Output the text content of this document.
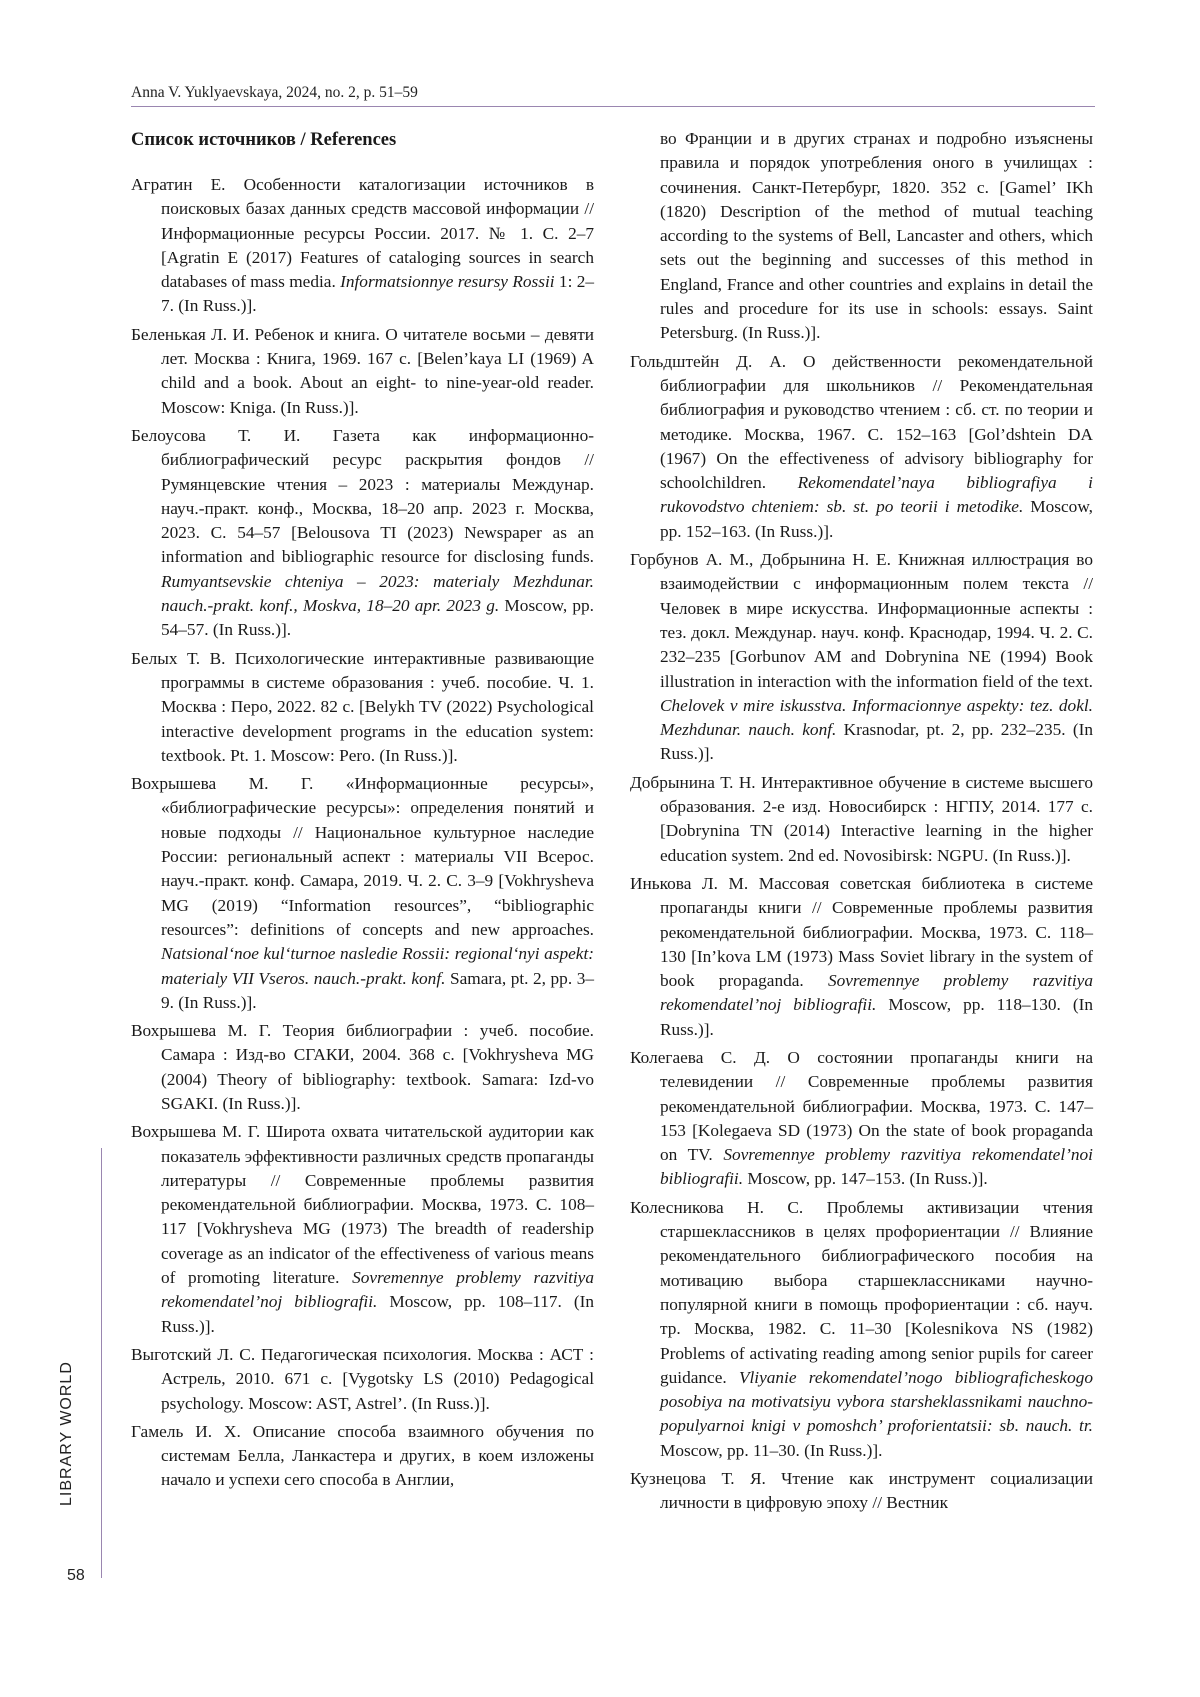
Anna V. Yuklyaevskaya, 2024, no. 2, p. 51–59
Список источников / References

Агратин Е. Особенности каталогизации источников в поисковых базах данных средств массовой информации // Информационные ресурсы России. 2017. № 1. С. 2–7 [Agratin E (2017) Features of cataloging sources in search databases of mass media. Informatsionnye resursy Rossii 1: 2–7. (In Russ.)].

Беленькая Л. И. Ребенок и книга. О читателе восьми – девяти лет. Москва : Книга, 1969. 167 с. [Belen’kaya LI (1969) A child and a book. About an eight- to nine-year-old reader. Moscow: Kniga. (In Russ.)].

Белоусова Т. И. Газета как информационно-библиографический ресурс раскрытия фондов // Румянцевские чтения – 2023 : материалы Междунар. науч.-практ. конф., Москва, 18–20 апр. 2023 г. Москва, 2023. С. 54–57 [Belousova TI (2023) Newspaper as an information and bibliographic resource for disclosing funds. Rumyantsevskie chteniya – 2023: materialy Mezhdunar. nauch.-prakt. konf., Moskva, 18–20 apr. 2023 g. Moscow, pp. 54–57. (In Russ.)].

Белых Т. В. Психологические интерактивные развивающие программы в системе образования : учеб. пособие. Ч. 1. Москва : Перо, 2022. 82 с. [Belykh TV (2022) Psychological interactive development programs in the education system: textbook. Pt. 1. Moscow: Pero. (In Russ.)].

Вохрышева М. Г. «Информационные ресурсы», «библиографические ресурсы»: определения понятий и новые подходы // Национальное культурное наследие России: региональный аспект : материалы VII Всерос. науч.-практ. конф. Самара, 2019. Ч. 2. С. 3–9 [Vokhrysheva MG (2019) “Information resources”, “bibliographic resources”: definitions of concepts and new approaches. Natsional‘noe kul‘turnoe nasledie Rossii: regional‘nyi aspekt: materialy VII Vseros. nauch.-prakt. konf. Samara, pt. 2, pp. 3–9. (In Russ.)].

Вохрышева М. Г. Теория библиографии : учеб. пособие. Самара : Изд-во СГАКИ, 2004. 368 с. [Vokhrysheva MG (2004) Theory of bibliography: textbook. Samara: Izd-vo SGAKI. (In Russ.)].

Вохрышева М. Г. Широта охвата читательской аудитории как показатель эффективности различных средств пропаганды литературы // Современные проблемы развития рекомендательной библиографии. Москва, 1973. С. 108–117 [Vokhrysheva MG (1973) The breadth of readership coverage as an indicator of the effectiveness of various means of promoting literature. Sovremennye problemy razvitiya rekomendatel’noj bibliografii. Moscow, pp. 108–117. (In Russ.)].

Выготский Л. С. Педагогическая психология. Москва : АСТ : Астрель, 2010. 671 с. [Vygotsky LS (2010) Pedagogical psychology. Moscow: AST, Astrel’. (In Russ.)].

Гамель И. Х. Описание способа взаимного обучения по системам Белла, Ланкастера и других, в коем изложены начало и успехи сего способа в Англии,

во Франции и в других странах и подробно изъяснены правила и порядок употребления оного в училищах : сочинения. Санкт-Петербург, 1820. 352 с. [Gamel’ IKh (1820) Description of the method of mutual teaching according to the systems of Bell, Lancaster and others, which sets out the beginning and successes of this method in England, France and other countries and explains in detail the rules and procedure for its use in schools: essays. Saint Petersburg. (In Russ.)].

Гольдштейн Д. А. О действенности рекомендательной библиографии для школьников // Рекомендательная библиография и руководство чтением : сб. ст. по теории и методике. Москва, 1967. С. 152–163 [Gol’dshtein DA (1967) On the effectiveness of advisory bibliography for schoolchildren. Rekomendatel’naya bibliografiya i rukovodstvo chteniem: sb. st. po teorii i metodike. Moscow, pp. 152–163. (In Russ.)].

Горбунов А. М., Добрынина Н. Е. Книжная иллюстрация во взаимодействии с информационным полем текста // Человек в мире искусства. Информационные аспекты : тез. докл. Междунар. науч. конф. Краснодар, 1994. Ч. 2. С. 232–235 [Gorbunov AM and Dobrynina NE (1994) Book illustration in interaction with the information field of the text. Chelovek v mire iskusstva. Informacionnye aspekty: tez. dokl. Mezhdunar. nauch. konf. Krasnodar, pt. 2, pp. 232–235. (In Russ.)].

Добрынина Т. Н. Интерактивное обучение в системе высшего образования. 2-е изд. Новосибирск : НГПУ, 2014. 177 с. [Dobrynina TN (2014) Interactive learning in the higher education system. 2nd ed. Novosibirsk: NGPU. (In Russ.)].

Инькова Л. М. Массовая советская библиотека в системе пропаганды книги // Современные проблемы развития рекомендательной библиографии. Москва, 1973. С. 118–130 [In’kova LM (1973) Mass Soviet library in the system of book propaganda. Sovremennye problemy razvitiya rekomendatel’noj bibliografii. Moscow, pp. 118–130. (In Russ.)].

Колегаева С. Д. О состоянии пропаганды книги на телевидении // Современные проблемы развития рекомендательной библиографии. Москва, 1973. С. 147–153 [Kolegaeva SD (1973) On the state of book propaganda on TV. Sovremennye problemy razvitiya rekomendatel’noi bibliografii. Moscow, pp. 147–153. (In Russ.)].

Колесникова Н. С. Проблемы активизации чтения старшеклассников в целях профориентации // Влияние рекомендательного библиографического пособия на мотивацию выбора старшеклассниками научно-популярной книги в помощь профориентации : сб. науч. тр. Москва, 1982. С. 11–30 [Kolesnikova NS (1982) Problems of activating reading among senior pupils for career guidance. Vliyanie rekomendatel’nogo bibliograficheskogo posobiya na motivatsiyu vybora starsheklassnikami nauchno-populyarnoi knigi v pomoshch’ proforientatsii: sb. nauch. tr. Moscow, pp. 11–30. (In Russ.)].

Кузнецова Т. Я. Чтение как инструмент социализации личности в цифровую эпоху // Вестник

LIBRARY WORLD
58
